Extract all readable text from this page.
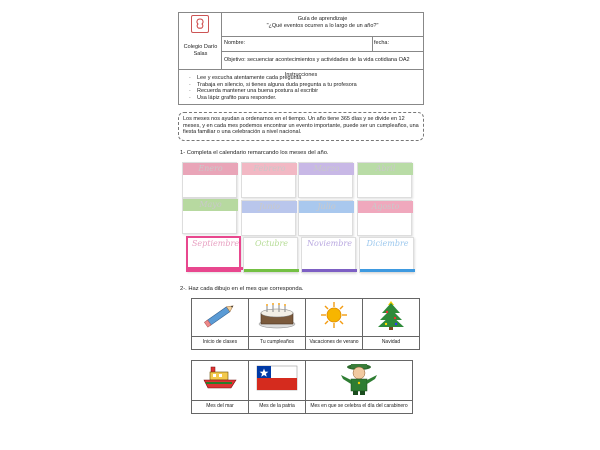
Colegio Darío Salas
Guía de aprendizaje
"¿Qué eventos ocurren a lo largo de un año?"
Nombre:	fecha:
Objetivo: secuenciar acontecimientos y actividades de la vida cotidiana OA2
Instrucciones
· Lee y escucha atentamente cada pregunta
· Trabaja en silencio, si tienes alguna duda pregunta a tu profesora
· Recuerda mantener una buena postura al escribir
· Usa lápiz grafito para responder.
Los meses nos ayudan a ordenarnos en el tiempo. Un año tiene 365 días y se divide en 12 meses, y en cada mes podemos encontrar un evento importante, puede ser un cumpleaños, una fiesta familiar o una celebración a nivel nacional.
1- Completa el calendario remarcando los meses del año.
Enero	Febrero	Marzo	Abril
Mayo	Junio	Julio	Agosto
Septiembre	Octubre	Noviembre	Diciembre
2-. Haz cada dibujo en el mes que corresponda.

Inicio de clases	Tu cumpleaños	Vacaciones de verano	Navidad

Mes del mar	Mes de la patria	Mes en que se celebra el día del carabinero
